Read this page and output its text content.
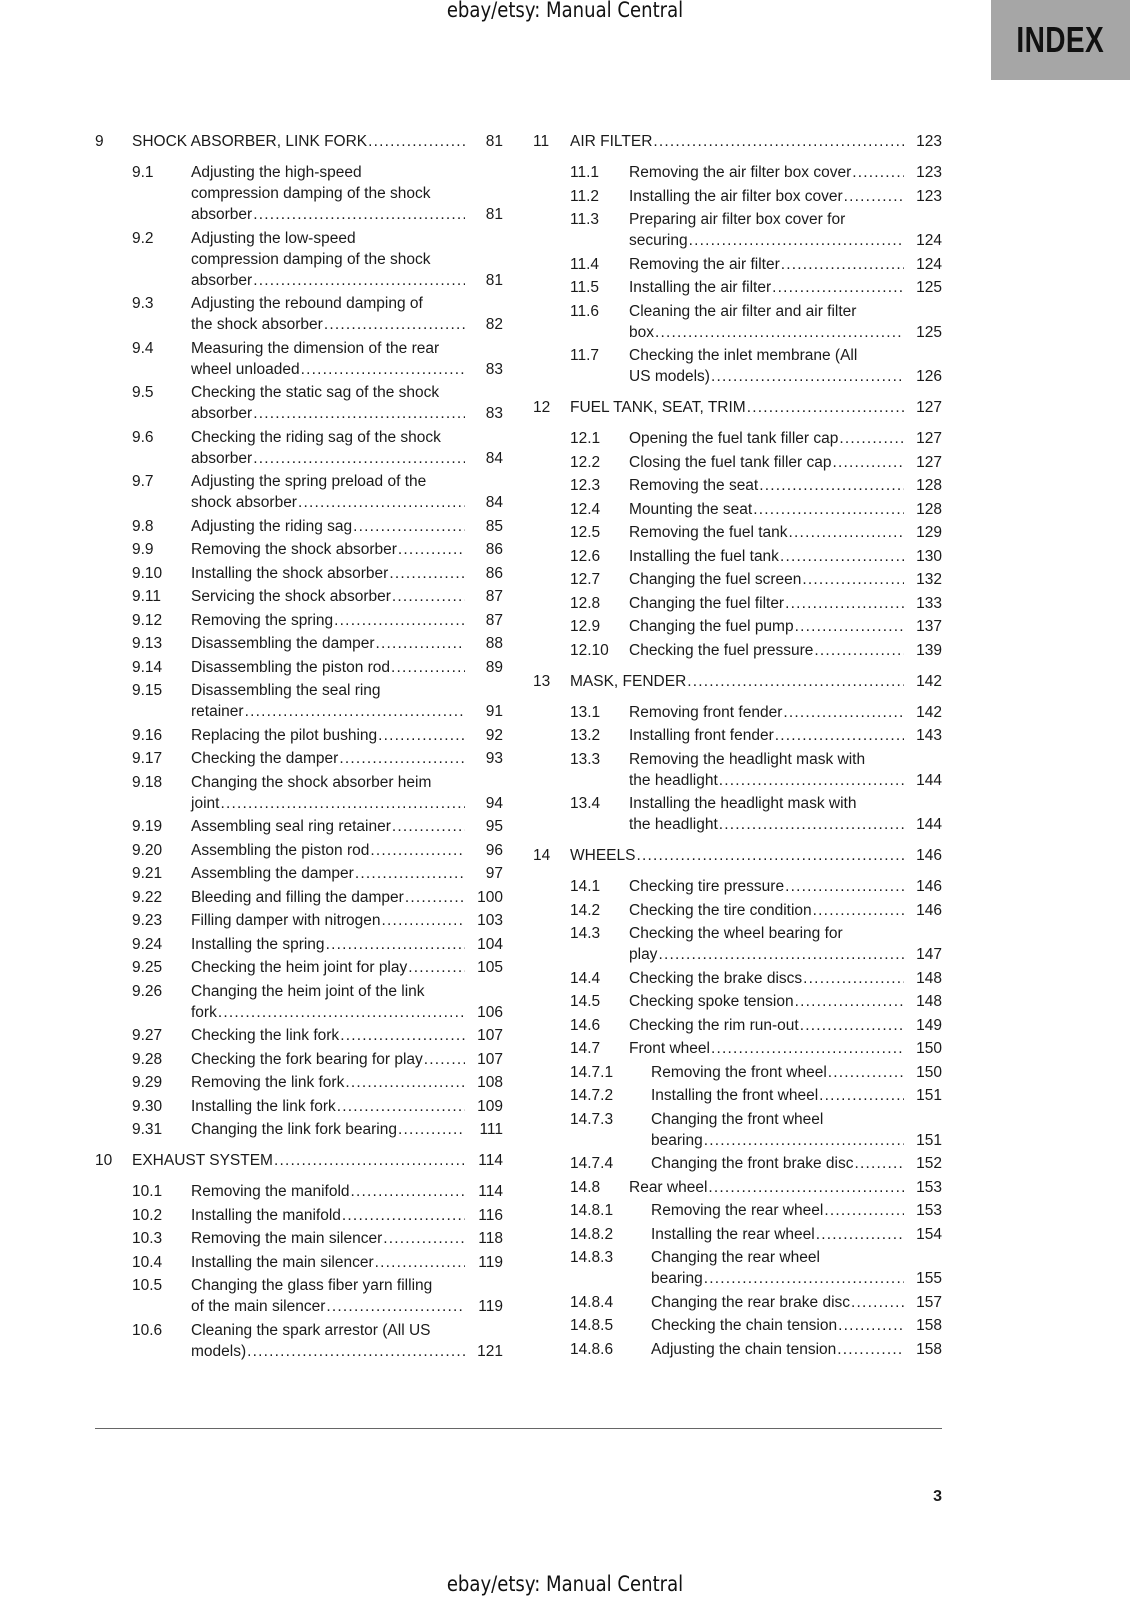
ebay/etsy: Manual Central
INDEX
9 SHOCK ABSORBER, LINK FORK .....	81
9.1 Adjusting the high-speed
compression damping of the shock
absorber .....	81
9.2 Adjusting the low-speed
compression damping of the shock
absorber .....	81
9.3 Adjusting the rebound damping of
the shock absorber .....	82
9.4 Measuring the dimension of the rear
wheel unloaded .....	83
9.5 Checking the static sag of the shock
absorber .....	83
9.6 Checking the riding sag of the shock
absorber .....	84
9.7 Adjusting the spring preload of the
shock absorber .....	84
9.8 Adjusting the riding sag .....	85
9.9 Removing the shock absorber .....	86
9.10 Installing the shock absorber .....	86
9.11 Servicing the shock absorber .....	87
9.12 Removing the spring .....	87
9.13 Disassembling the damper .....	88
9.14 Disassembling the piston rod .....	89
9.15 Disassembling the seal ring
retainer .....	91
9.16 Replacing the pilot bushing .....	92
9.17 Checking the damper .....	93
9.18 Changing the shock absorber heim
joint .....	94
9.19 Assembling seal ring retainer .....	95
9.20 Assembling the piston rod .....	96
9.21 Assembling the damper .....	97
9.22 Bleeding and filling the damper .....	100
9.23 Filling damper with nitrogen .....	103
9.24 Installing the spring .....	104
9.25 Checking the heim joint for play .....	105
9.26 Changing the heim joint of the link
fork .....	106
9.27 Checking the link fork .....	107
9.28 Checking the fork bearing for play .....	107
9.29 Removing the link fork .....	108
9.30 Installing the link fork .....	109
9.31 Changing the link fork bearing .....	111
10 EXHAUST SYSTEM .....	114
10.1 Removing the manifold .....	114
10.2 Installing the manifold .....	116
10.3 Removing the main silencer .....	118
10.4 Installing the main silencer .....	119
10.5 Changing the glass fiber yarn filling
of the main silencer .....	119
10.6 Cleaning the spark arrestor (All US
models) .....	121
11 AIR FILTER .....	123
11.1 Removing the air filter box cover .....	123
11.2 Installing the air filter box cover .....	123
11.3 Preparing air filter box cover for
securing .....	124
11.4 Removing the air filter .....	124
11.5 Installing the air filter .....	125
11.6 Cleaning the air filter and air filter
box .....	125
11.7 Checking the inlet membrane (All
US models) .....	126
12 FUEL TANK, SEAT, TRIM .....	127
12.1 Opening the fuel tank filler cap .....	127
12.2 Closing the fuel tank filler cap .....	127
12.3 Removing the seat .....	128
12.4 Mounting the seat .....	128
12.5 Removing the fuel tank .....	129
12.6 Installing the fuel tank .....	130
12.7 Changing the fuel screen .....	132
12.8 Changing the fuel filter .....	133
12.9 Changing the fuel pump .....	137
12.10 Checking the fuel pressure .....	139
13 MASK, FENDER .....	142
13.1 Removing front fender .....	142
13.2 Installing front fender .....	143
13.3 Removing the headlight mask with
the headlight .....	144
13.4 Installing the headlight mask with
the headlight .....	144
14 WHEELS .....	146
14.1 Checking tire pressure .....	146
14.2 Checking the tire condition .....	146
14.3 Checking the wheel bearing for
play .....	147
14.4 Checking the brake discs .....	148
14.5 Checking spoke tension .....	148
14.6 Checking the rim run-out .....	149
14.7 Front wheel .....	150
14.7.1 Removing the front wheel .....	150
14.7.2 Installing the front wheel .....	151
14.7.3 Changing the front wheel
bearing .....	151
14.7.4 Changing the front brake disc .....	152
14.8 Rear wheel .....	153
14.8.1 Removing the rear wheel .....	153
14.8.2 Installing the rear wheel .....	154
14.8.3 Changing the rear wheel
bearing .....	155
14.8.4 Changing the rear brake disc .....	157
14.8.5 Checking the chain tension .....	158
14.8.6 Adjusting the chain tension .....	158
3
ebay/etsy: Manual Central
